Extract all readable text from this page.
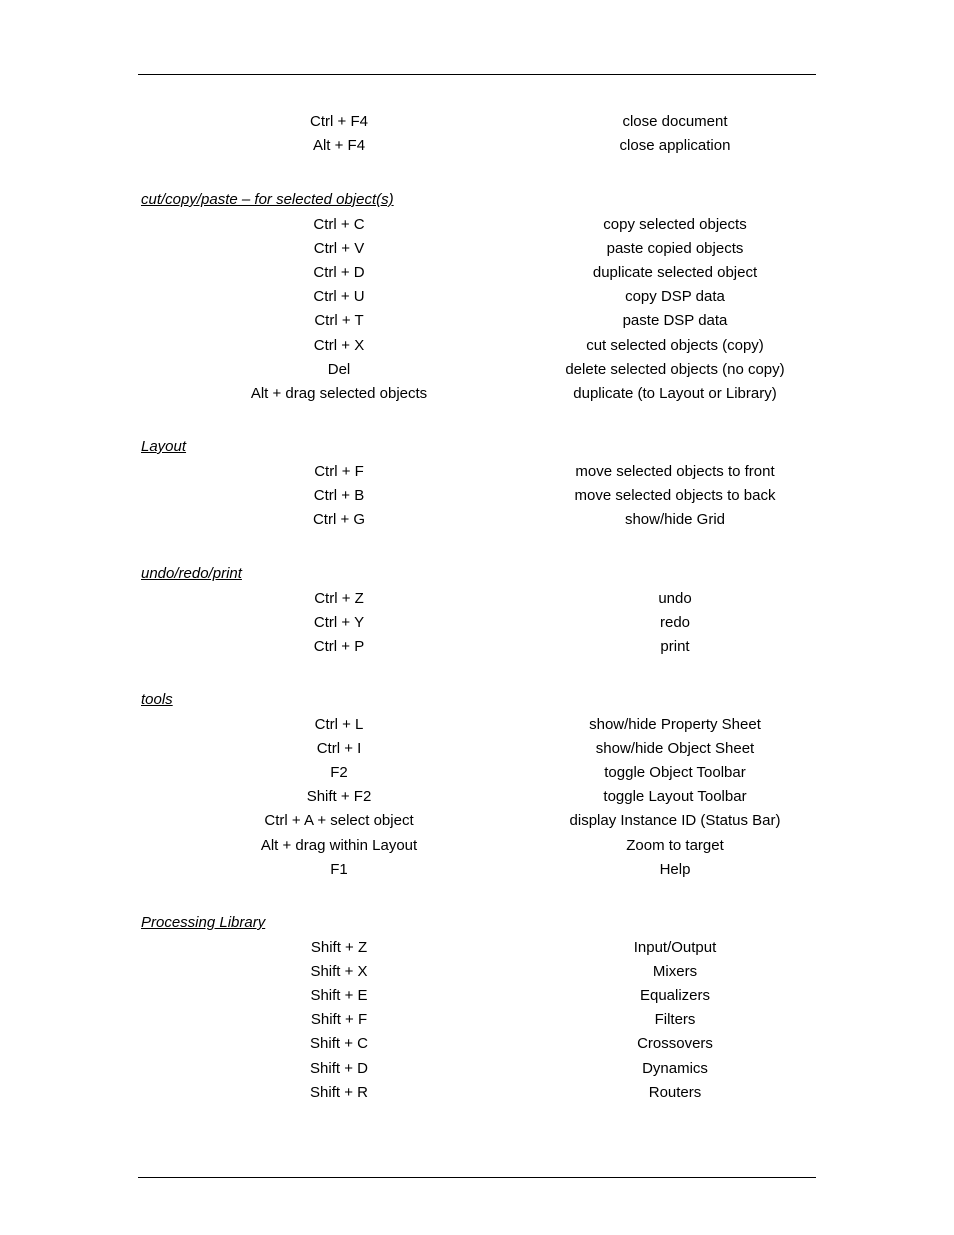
Ctrl + F4	close document
Alt + F4	close application
cut/copy/paste – for selected object(s)
Ctrl + C	copy selected objects
Ctrl + V	paste copied objects
Ctrl + D	duplicate selected object
Ctrl + U	copy DSP data
Ctrl + T	paste DSP data
Ctrl + X	cut selected objects (copy)
Del	delete selected objects (no copy)
Alt + drag selected objects	duplicate (to Layout or Library)
Layout
Ctrl + F	move selected objects to front
Ctrl + B	move selected objects to back
Ctrl + G	show/hide Grid
undo/redo/print
Ctrl + Z	undo
Ctrl + Y	redo
Ctrl + P	print
tools
Ctrl + L	show/hide Property Sheet
Ctrl + I	show/hide Object Sheet
F2	toggle Object Toolbar
Shift + F2	toggle Layout Toolbar
Ctrl + A + select object	display Instance ID (Status Bar)
Alt + drag within Layout	Zoom to target
F1	Help
Processing Library
Shift + Z	Input/Output
Shift + X	Mixers
Shift + E	Equalizers
Shift + F	Filters
Shift + C	Crossovers
Shift + D	Dynamics
Shift + R	Routers
